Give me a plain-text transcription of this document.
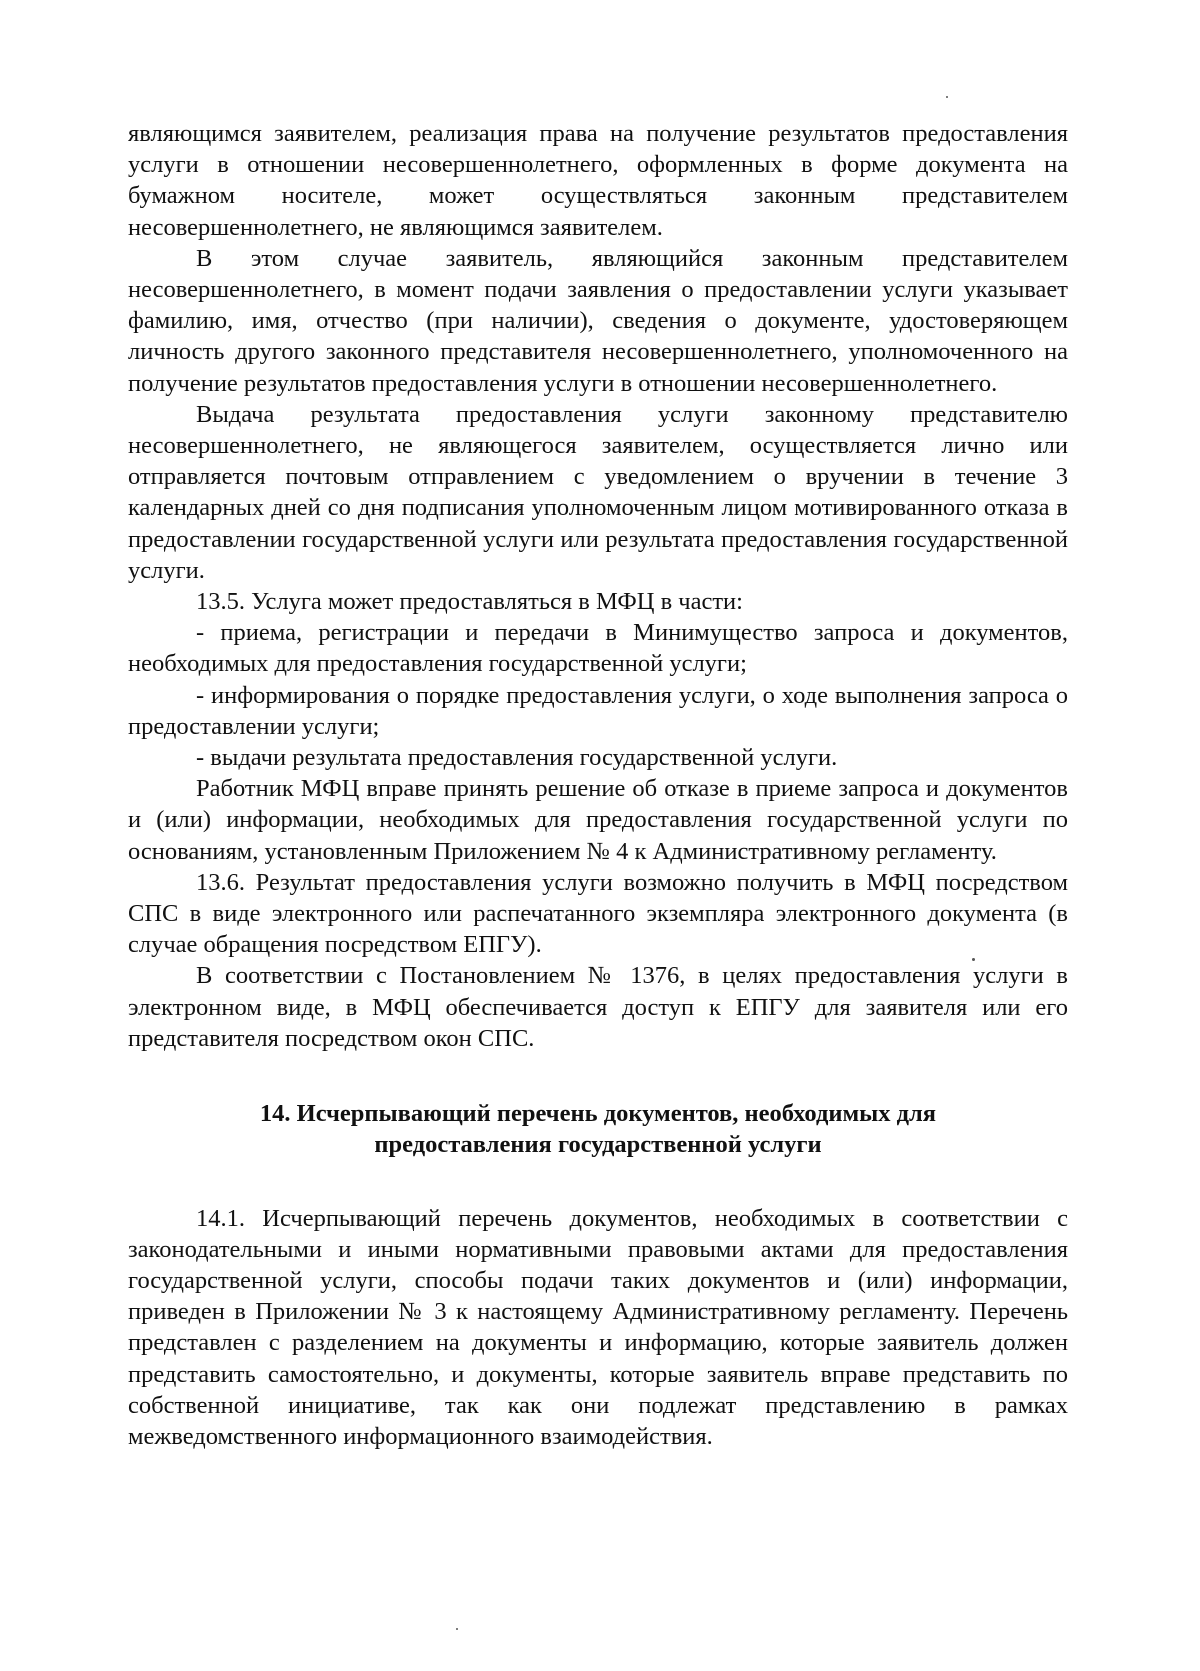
являющимся заявителем, реализация права на получение результатов предоставления услуги в отношении несовершеннолетнего, оформленных в форме документа на бумажном носителе, может осуществляться законным представителем несовершеннолетнего, не являющимся заявителем.

В этом случае заявитель, являющийся законным представителем несовершеннолетнего, в момент подачи заявления о предоставлении услуги указывает фамилию, имя, отчество (при наличии), сведения о документе, удостоверяющем личность другого законного представителя несовершеннолетнего, уполномоченного на получение результатов предоставления услуги в отношении несовершеннолетнего.

Выдача результата предоставления услуги законному представителю несовершеннолетнего, не являющегося заявителем, осуществляется лично или отправляется почтовым отправлением с уведомлением о вручении в течение 3 календарных дней со дня подписания уполномоченным лицом мотивированного отказа в предоставлении государственной услуги или результата предоставления государственной услуги.

13.5. Услуга может предоставляться в МФЦ в части:

- приема, регистрации и передачи в Минимущество запроса и документов, необходимых для предоставления государственной услуги;

- информирования о порядке предоставления услуги, о ходе выполнения запроса о предоставлении услуги;

- выдачи результата предоставления государственной услуги.

Работник МФЦ вправе принять решение об отказе в приеме запроса и документов и (или) информации, необходимых для предоставления государственной услуги по основаниям, установленным Приложением № 4 к Административному регламенту.

13.6. Результат предоставления услуги возможно получить в МФЦ посредством СПС в виде электронного или распечатанного экземпляра электронного документа (в случае обращения посредством ЕПГУ).

В соответствии с Постановлением № 1376, в целях предоставления услуги в электронном виде, в МФЦ обеспечивается доступ к ЕПГУ для заявителя или его представителя посредством окон СПС.

14. Исчерпывающий перечень документов, необходимых для
предоставления государственной услуги

14.1. Исчерпывающий перечень документов, необходимых в соответствии с законодательными и иными нормативными правовыми актами для предоставления государственной услуги, способы подачи таких документов и (или) информации, приведен в Приложении № 3 к настоящему Административному регламенту. Перечень представлен с разделением на документы и информацию, которые заявитель должен представить самостоятельно, и документы, которые заявитель вправе представить по собственной инициативе, так как они подлежат представлению в рамках межведомственного информационного взаимодействия.
